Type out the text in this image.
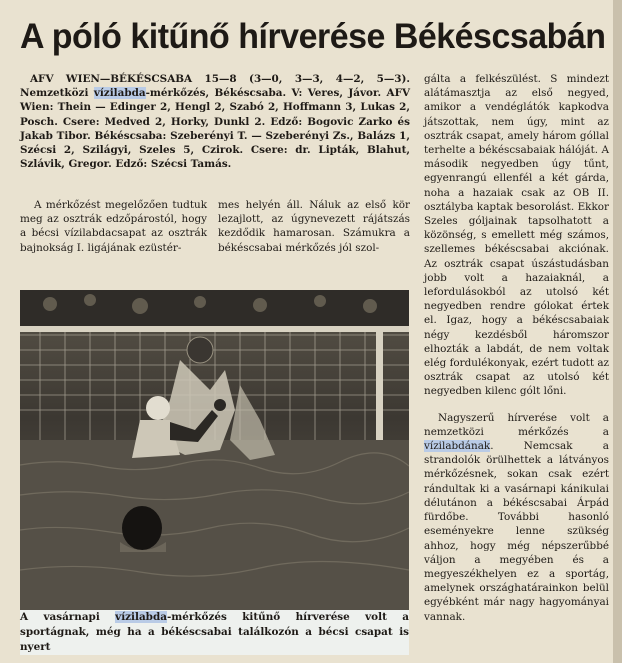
A póló kitűnő hírverése Békéscsabán
AFV WIEN—BÉKÉSCSABA 15—8 (3—0, 3—3, 4—2, 5—3). Nemzetközi vízilabda-mérkőzés, Békéscsaba. V: Veres, Jávor. AFV Wien: Thein — Edinger 2, Hengl 2, Szabó 2, Hoffmann 3, Lukas 2, Posch. Csere: Medved 2, Horky, Dunkl 2. Edző: Bogovic Zarko és Jakab Tibor. Békéscsaba: Szeberényi T. — Szeberényi Zs., Balázs 1, Szécsi 2, Szilágyi, Szeles 5, Czirok. Csere: dr. Lipták, Blahut, Szlávik, Gregor. Edző: Szécsi Tamás.

A mérkőzést megelőzően tudtuk meg az osztrák edzőpárostól, hogy a bécsi vízilabdacsapat az osztrák bajnokság I. ligájának ezüstér-

mes helyén áll. Náluk az első kör lezajlott, az úgynevezett rájátszás kezdődik hamarosan. Számukra a békéscsabai mérkőzés jól szol-

gálta a felkészülést. S mindezt alátámasztja az első negyed, amikor a vendéglátók kapkodva játszottak, nem úgy, mint az osztrák csapat, amely három góllal terhelte a békéscsabaiak hálóját. A második negyedben úgy tűnt, egyenrangú ellenfél a két gárda, noha a hazaiak csak az OB II. osztályba kaptak besorolást. Ekkor Szeles góljainak tapsolhatott a közönség, s emellett még számos, szellemes békéscsabai akciónak. Az osztrák csapat úszástudásban jobb volt a hazaiaknál, a lefordulásokból az utolsó két negyedben rendre gólokat értek el. Igaz, hogy a békéscsabaiak négy kezdésből háromszor elhozták a labdát, de nem voltak elég fordulékonyak, ezért tudott az osztrák csapat az utolsó két negyedben kilenc gólt lőni.

Nagyszerű hírverése volt a nemzetközi mérkőzés a vízilabdának. Nemcsak a strandolók örülhettek a látványos mérkőzésnek, sokan csak ezért rándultak ki a vasárnapi kánikulai délutánon a békéscsabai Árpád fürdőbe. További hasonló eseményekre lenne szükség ahhoz, hogy még népszerűbbé váljon a megyében és a megyeszékhelyen ez a sportág, amelynek országhatárainkon belül egyébként már nagy hagyományai vannak.

A vasárnapi vízilabda-mérkőzés kitűnő hírverése volt a sportágnak, még ha a békéscsabai találkozón a bécsi csapat is nyert
